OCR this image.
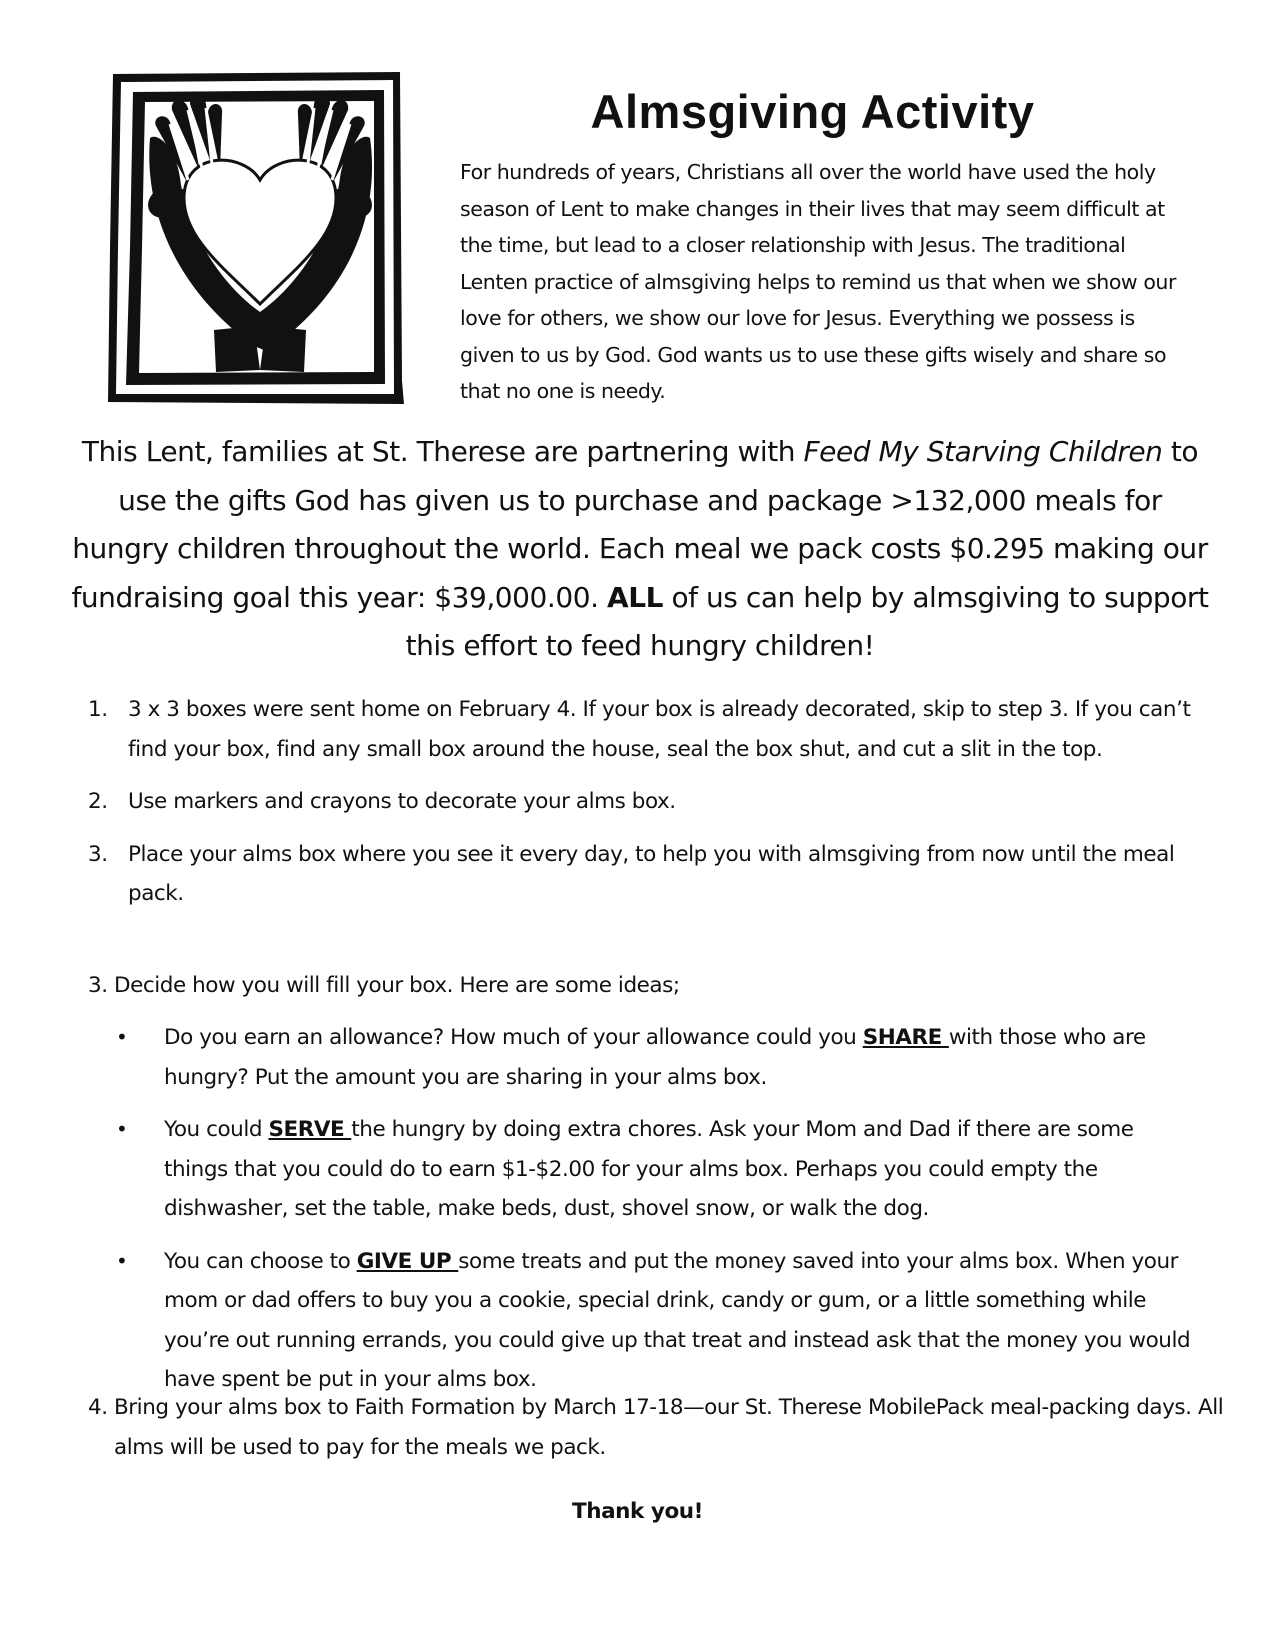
Almsgiving Activity

For hundreds of years, Christians all over the world have used the holy season of Lent to make changes in their lives that may seem difficult at the time, but lead to a closer relationship with Jesus. The traditional Lenten practice of almsgiving helps to remind us that when we show our love for others, we show our love for Jesus. Everything we possess is given to us by God. God wants us to use these gifts wisely and share so that no one is needy.

This Lent, families at St. Therese are partnering with Feed My Starving Children to use the gifts God has given us to purchase and package >132,000 meals for hungry children throughout the world. Each meal we pack costs $0.295 making our fundraising goal this year: $39,000.00. ALL of us can help by almsgiving to support this effort to feed hungry children!

1. 3 x 3 boxes were sent home on February 4. If your box is already decorated, skip to step 3. If you can’t find your box, find any small box around the house, seal the box shut, and cut a slit in the top.
2. Use markers and crayons to decorate your alms box.
3. Place your alms box where you see it every day, to help you with almsgiving from now until the meal pack.

3. Decide how you will fill your box. Here are some ideas;

• Do you earn an allowance? How much of your allowance could you SHARE with those who are hungry? Put the amount you are sharing in your alms box.
• You could SERVE the hungry by doing extra chores. Ask your Mom and Dad if there are some things that you could do to earn $1-$2.00 for your alms box. Perhaps you could empty the dishwasher, set the table, make beds, dust, shovel snow, or walk the dog.
• You can choose to GIVE UP some treats and put the money saved into your alms box. When your mom or dad offers to buy you a cookie, special drink, candy or gum, or a little something while you’re out running errands, you could give up that treat and instead ask that the money you would have spent be put in your alms box.

4. Bring your alms box to Faith Formation by March 17-18—our St. Therese MobilePack meal-packing days. All alms will be used to pay for the meals we pack.

Thank you!
